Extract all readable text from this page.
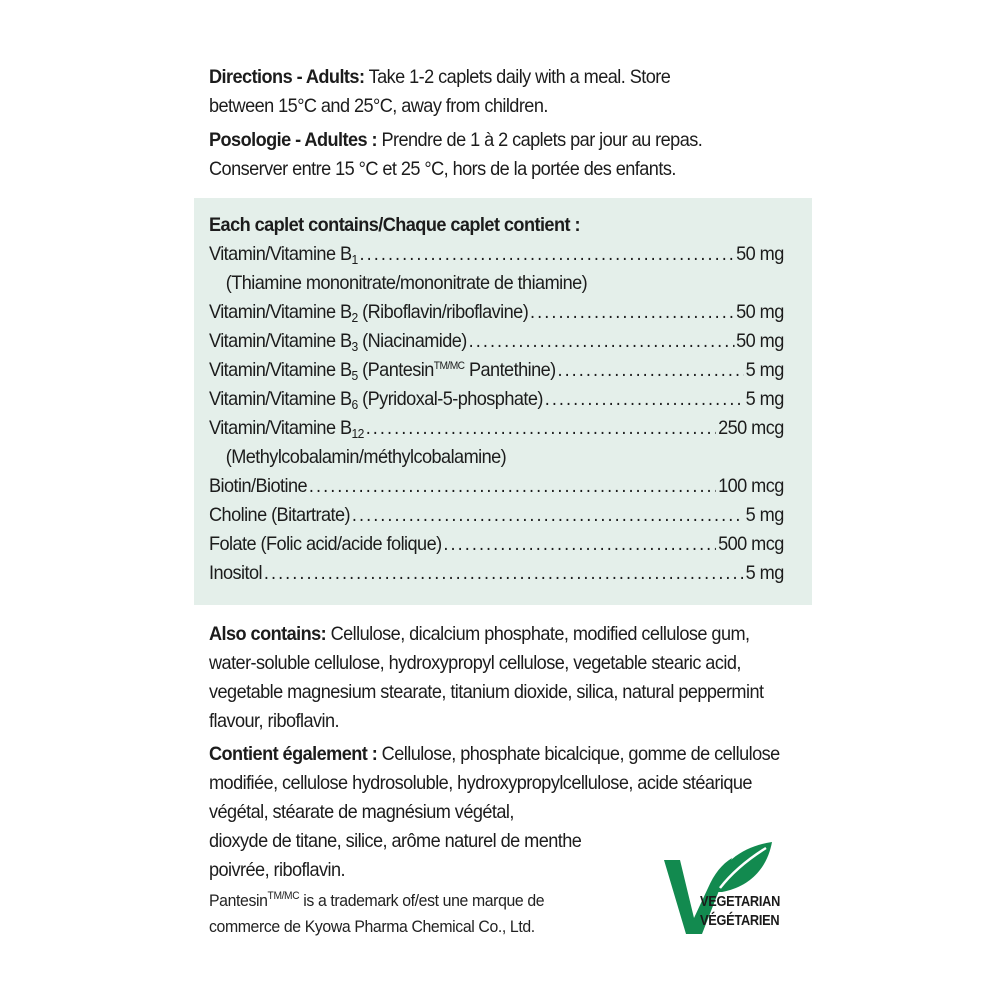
Directions - Adults: Take 1-2 caplets daily with a meal. Store
between 15°C and 25°C, away from children.

Posologie - Adultes : Prendre de 1 à 2 caplets par jour au repas.
Conserver entre 15 °C et 25 °C, hors de la portée des enfants.

Each caplet contains/Chaque caplet contient :
Vitamin/Vitamine $B_1$ . . .	50 mg
(Thiamine mononitrate/mononitrate de thiamine)
Vitamin/Vitamine $B_2$ (Riboflavin/riboflavine) . . .	50 mg
Vitamin/Vitamine $B_3$ (Niacinamide) . . .	50 mg
Vitamin/Vitamine $B_5$ (Pantesin$^{TM/MC}$ Pantethine) . . .	5 mg
Vitamin/Vitamine $B_6$ (Pyridoxal-5-phosphate) . . .	5 mg
Vitamin/Vitamine $B_{12}$ . . .	250 mcg
(Methylcobalamin/méthylcobalamine)
Biotin/Biotine . . .	100 mcg
Choline (Bitartrate) . . .	5 mg
Folate (Folic acid/acide folique) . . .	500 mcg
Inositol . . .	5 mg

Also contains: Cellulose, dicalcium phosphate, modified cellulose gum, water-soluble cellulose, hydroxypropyl cellulose, vegetable stearic acid, vegetable magnesium stearate, titanium dioxide, silica, natural peppermint flavour, riboflavin.

Contient également : Cellulose, phosphate bicalcique, gomme de cellulose modifiée, cellulose hydrosoluble, hydroxypropylcellulose, acide stéarique végétal, stéarate de magnésium végétal,
dioxyde de titane, silice, arôme naturel de menthe
poivrée, riboflavin.

Pantesin$^{TM/MC}$ is a trademark of/est une marque de
commerce de Kyowa Pharma Chemical Co., Ltd.
VEGETARIAN
VÉGÉTARIEN
